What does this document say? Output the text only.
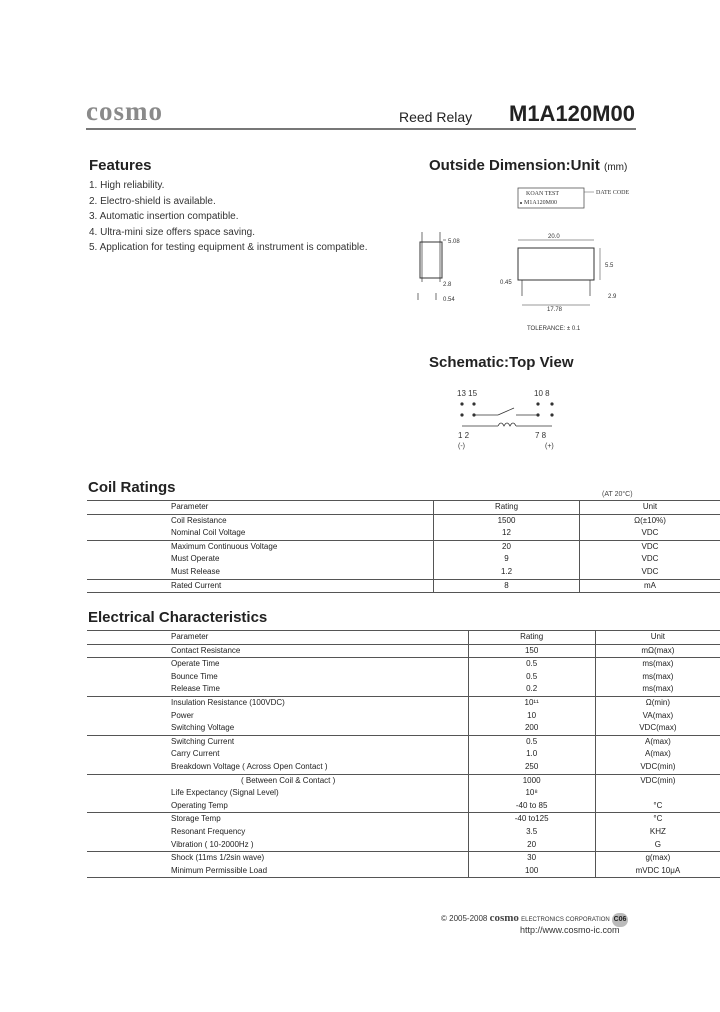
cosmo	Reed Relay M1A120M00
Features
1. High reliability.
2. Electro-shield is available.
3. Automatic insertion compatible.
4. Ultra-mini size offers space saving.
5. Application for testing equipment & instrument is compatible.
Outside Dimension:Unit (mm)
KOAN TEST
M1A120M00
DATE CODE
5.08
2.8
0.54
20.0
5.5
0.45
17.78
2.9
TOLERANCE: ± 0.1
Schematic:Top View
13 15	10 8
1 2	7 8
(-)	(+)
Coil Ratings	(AT 20°C)
Parameter	Rating	Unit
Coil Resistance	1500	Ω(±10%)
Nominal Coil Voltage	12	VDC
Maximum Continuous Voltage	20	VDC
Must Operate	9	VDC
Must Release	1.2	VDC
Rated Current	8	mA
Electrical Characteristics
Parameter	Rating	Unit
Contact Resistance	150	mΩ(max)
Operate Time	0.5	ms(max)
Bounce Time	0.5	ms(max)
Release Time	0.2	ms(max)
Insulation Resistance (100VDC)	10¹¹	Ω(min)
Power	10	VA(max)
Switching Voltage	200	VDC(max)
Switching Current	0.5	A(max)
Carry Current	1.0	A(max)
Breakdown Voltage ( Across Open Contact )	250	VDC(min)
( Between Coil & Contact )	1000	VDC(min)
Life Expectancy (Signal Level)	10⁸	
Operating Temp	-40 to 85	°C
Storage Temp	-40 to125	°C
Resonant Frequency	3.5	KHZ
Vibration ( 10-2000Hz )	20	G
Shock (11ms 1/2sin wave)	30	g(max)
Minimum Permissible Load	100	mVDC 10μA
© 2005-2008 cosmo ELECTRONICS CORPORATION C06
http://www.cosmo-ic.com
